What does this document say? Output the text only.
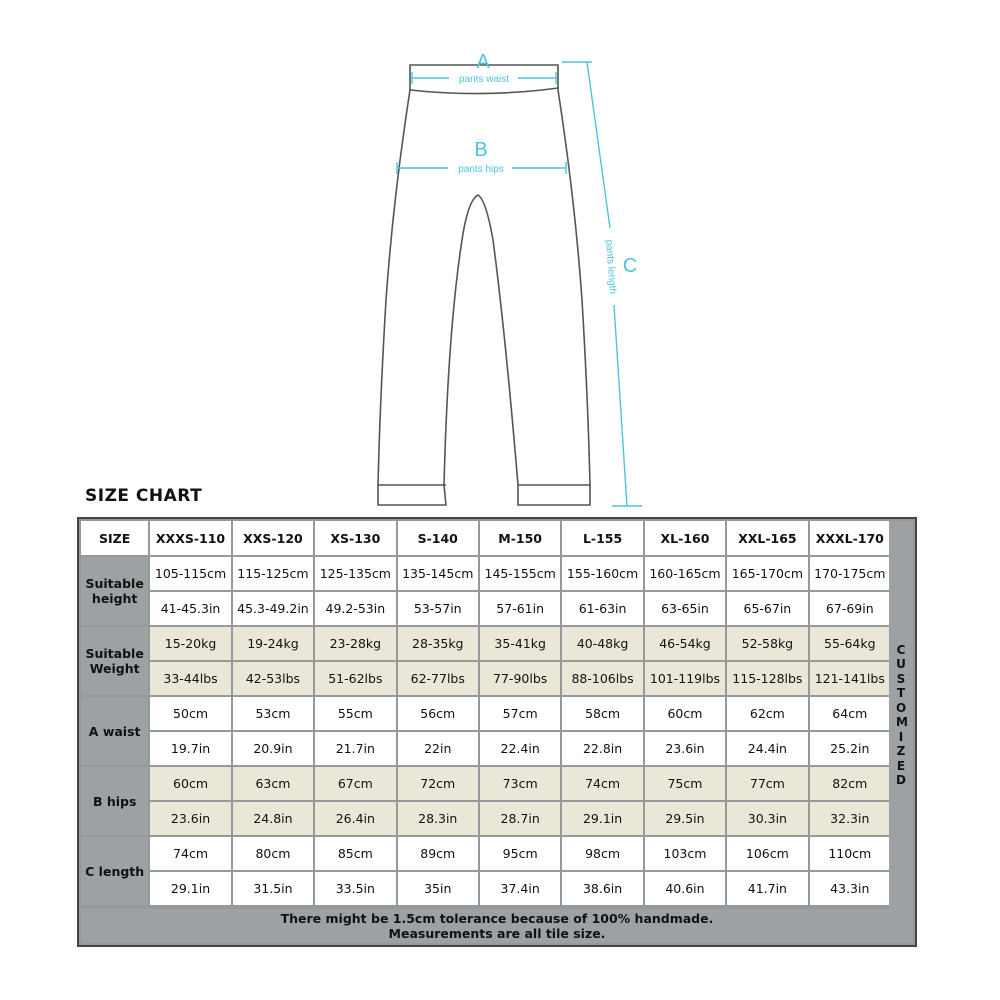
A
pants waist
B
pants hips
C
pants length
SIZE CHART
SIZE	XXXS-110	XXS-120	XS-130	S-140	M-150	L-155	XL-160	XXL-165	XXXL-170
Suitable height	105-115cm	115-125cm	125-135cm	135-145cm	145-155cm	155-160cm	160-165cm	165-170cm	170-175cm
	41-45.3in	45.3-49.2in	49.2-53in	53-57in	57-61in	61-63in	63-65in	65-67in	67-69in
Suitable Weight	15-20kg	19-24kg	23-28kg	28-35kg	35-41kg	40-48kg	46-54kg	52-58kg	55-64kg
	33-44lbs	42-53lbs	51-62lbs	62-77lbs	77-90lbs	88-106lbs	101-119lbs	115-128lbs	121-141lbs
A waist	50cm	53cm	55cm	56cm	57cm	58cm	60cm	62cm	64cm
	19.7in	20.9in	21.7in	22in	22.4in	22.8in	23.6in	24.4in	25.2in
B hips	60cm	63cm	67cm	72cm	73cm	74cm	75cm	77cm	82cm
	23.6in	24.8in	26.4in	28.3in	28.7in	29.1in	29.5in	30.3in	32.3in
C length	74cm	80cm	85cm	89cm	95cm	98cm	103cm	106cm	110cm
	29.1in	31.5in	33.5in	35in	37.4in	38.6in	40.6in	41.7in	43.3in
CUSTOMIZED
There might be 1.5cm tolerance because of 100% handmade.
Measurements are all tile size.
